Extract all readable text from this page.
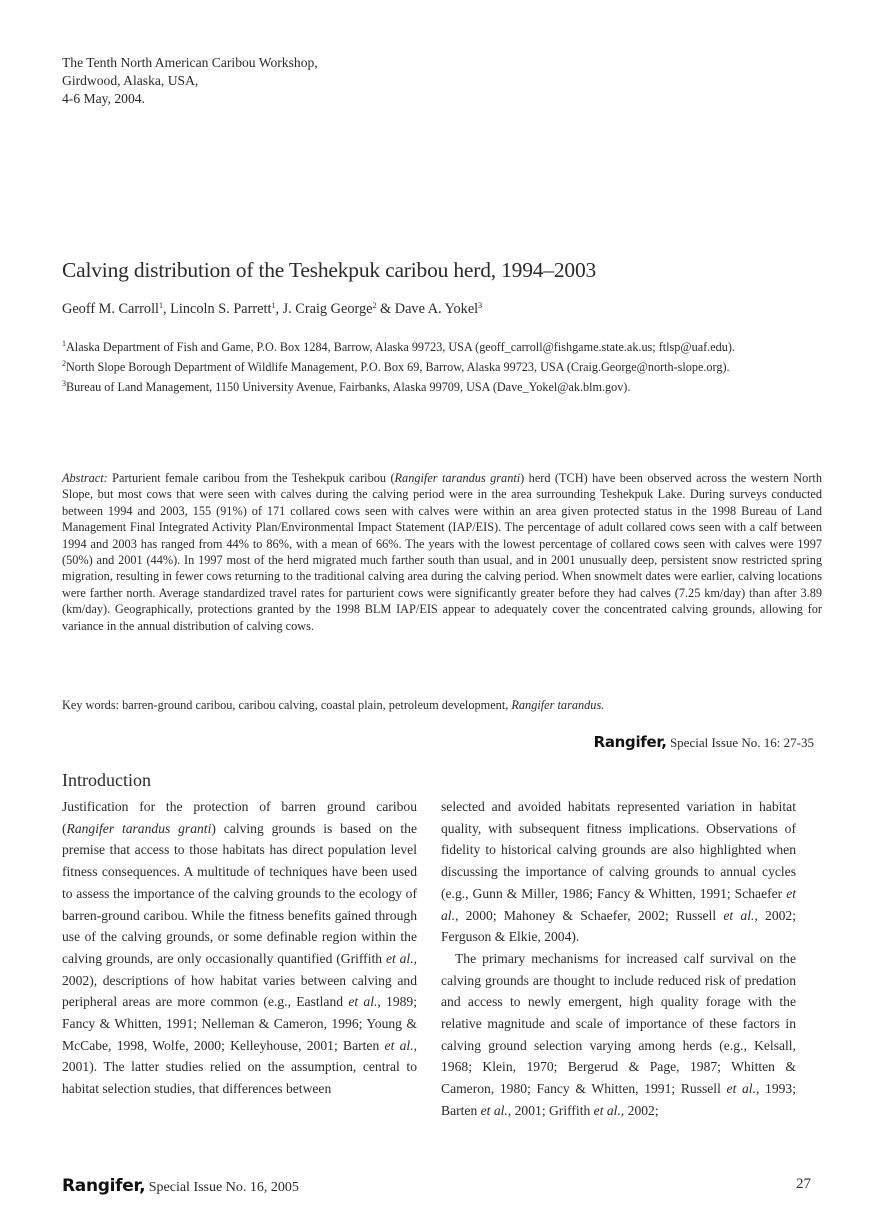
The Tenth North American Caribou Workshop,
Girdwood, Alaska, USA,
4-6 May, 2004.
Calving distribution of the Teshekpuk caribou herd, 1994–2003
Geoff M. Carroll$^1$, Lincoln S. Parrett$^1$, J. Craig George$^2$ & Dave A. Yokel$^3$

$^1$Alaska Department of Fish and Game, P.O. Box 1284, Barrow, Alaska 99723, USA (geoff_carroll@fishgame.state.ak.us; ftlsp@uaf.edu).

$^2$North Slope Borough Department of Wildlife Management, P.O. Box 69, Barrow, Alaska 99723, USA (Craig.George@north-slope.org).

$^3$Bureau of Land Management, 1150 University Avenue, Fairbanks, Alaska 99709, USA (Dave_Yokel@ak.blm.gov).

Abstract: Parturient female caribou from the Teshekpuk caribou (Rangifer tarandus granti) herd (TCH) have been observed across the western North Slope, but most cows that were seen with calves during the calving period were in the area surrounding Teshekpuk Lake. During surveys conducted between 1994 and 2003, 155 (91%) of 171 collared cows seen with calves were within an area given protected status in the 1998 Bureau of Land Management Final Integrated Activity Plan/Environmental Impact Statement (IAP/EIS). The percentage of adult collared cows seen with a calf between 1994 and 2003 has ranged from 44% to 86%, with a mean of 66%. The years with the lowest percentage of collared cows seen with calves were 1997 (50%) and 2001 (44%). In 1997 most of the herd migrated much farther south than usual, and in 2001 unusually deep, persistent snow restricted spring migration, resulting in fewer cows returning to the traditional calving area during the calving period. When snowmelt dates were earlier, calving locations were farther north. Average standardized travel rates for parturient cows were significantly greater before they had calves (7.25 km/day) than after 3.89 (km/day). Geographically, protections granted by the 1998 BLM IAP/EIS appear to adequately cover the concentrated calving grounds, allowing for variance in the annual distribution of calving cows.
Key words: barren-ground caribou, caribou calving, coastal plain, petroleum development, Rangifer tarandus.
Rangifer, Special Issue No. 16: 27-35
Introduction

Justification for the protection of barren ground caribou (Rangifer tarandus granti) calving grounds is based on the premise that access to those habitats has direct population level fitness consequences. A multitude of techniques have been used to assess the importance of the calving grounds to the ecology of barren-ground caribou. While the fitness benefits gained through use of the calving grounds, or some definable region within the calving grounds, are only occasionally quantified (Griffith et al., 2002), descriptions of how habitat varies between calving and peripheral areas are more common (e.g., Eastland et al., 1989; Fancy & Whitten, 1991; Nelleman & Cameron, 1996; Young & McCabe, 1998, Wolfe, 2000; Kelleyhouse, 2001; Barten et al., 2001). The latter studies relied on the assumption, central to habitat selection studies, that differences between

selected and avoided habitats represented variation in habitat quality, with subsequent fitness implications. Observations of fidelity to historical calving grounds are also highlighted when discussing the importance of calving grounds to annual cycles (e.g., Gunn & Miller, 1986; Fancy & Whitten, 1991; Schaefer et al., 2000; Mahoney & Schaefer, 2002; Russell et al., 2002; Ferguson & Elkie, 2004).

The primary mechanisms for increased calf survival on the calving grounds are thought to include reduced risk of predation and access to newly emergent, high quality forage with the relative magnitude and scale of importance of these factors in calving ground selection varying among herds (e.g., Kelsall, 1968; Klein, 1970; Bergerud & Page, 1987; Whitten & Cameron, 1980; Fancy & Whitten, 1991; Russell et al., 1993; Barten et al., 2001; Griffith et al., 2002;

Rangifer, Special Issue No. 16, 2005	27
